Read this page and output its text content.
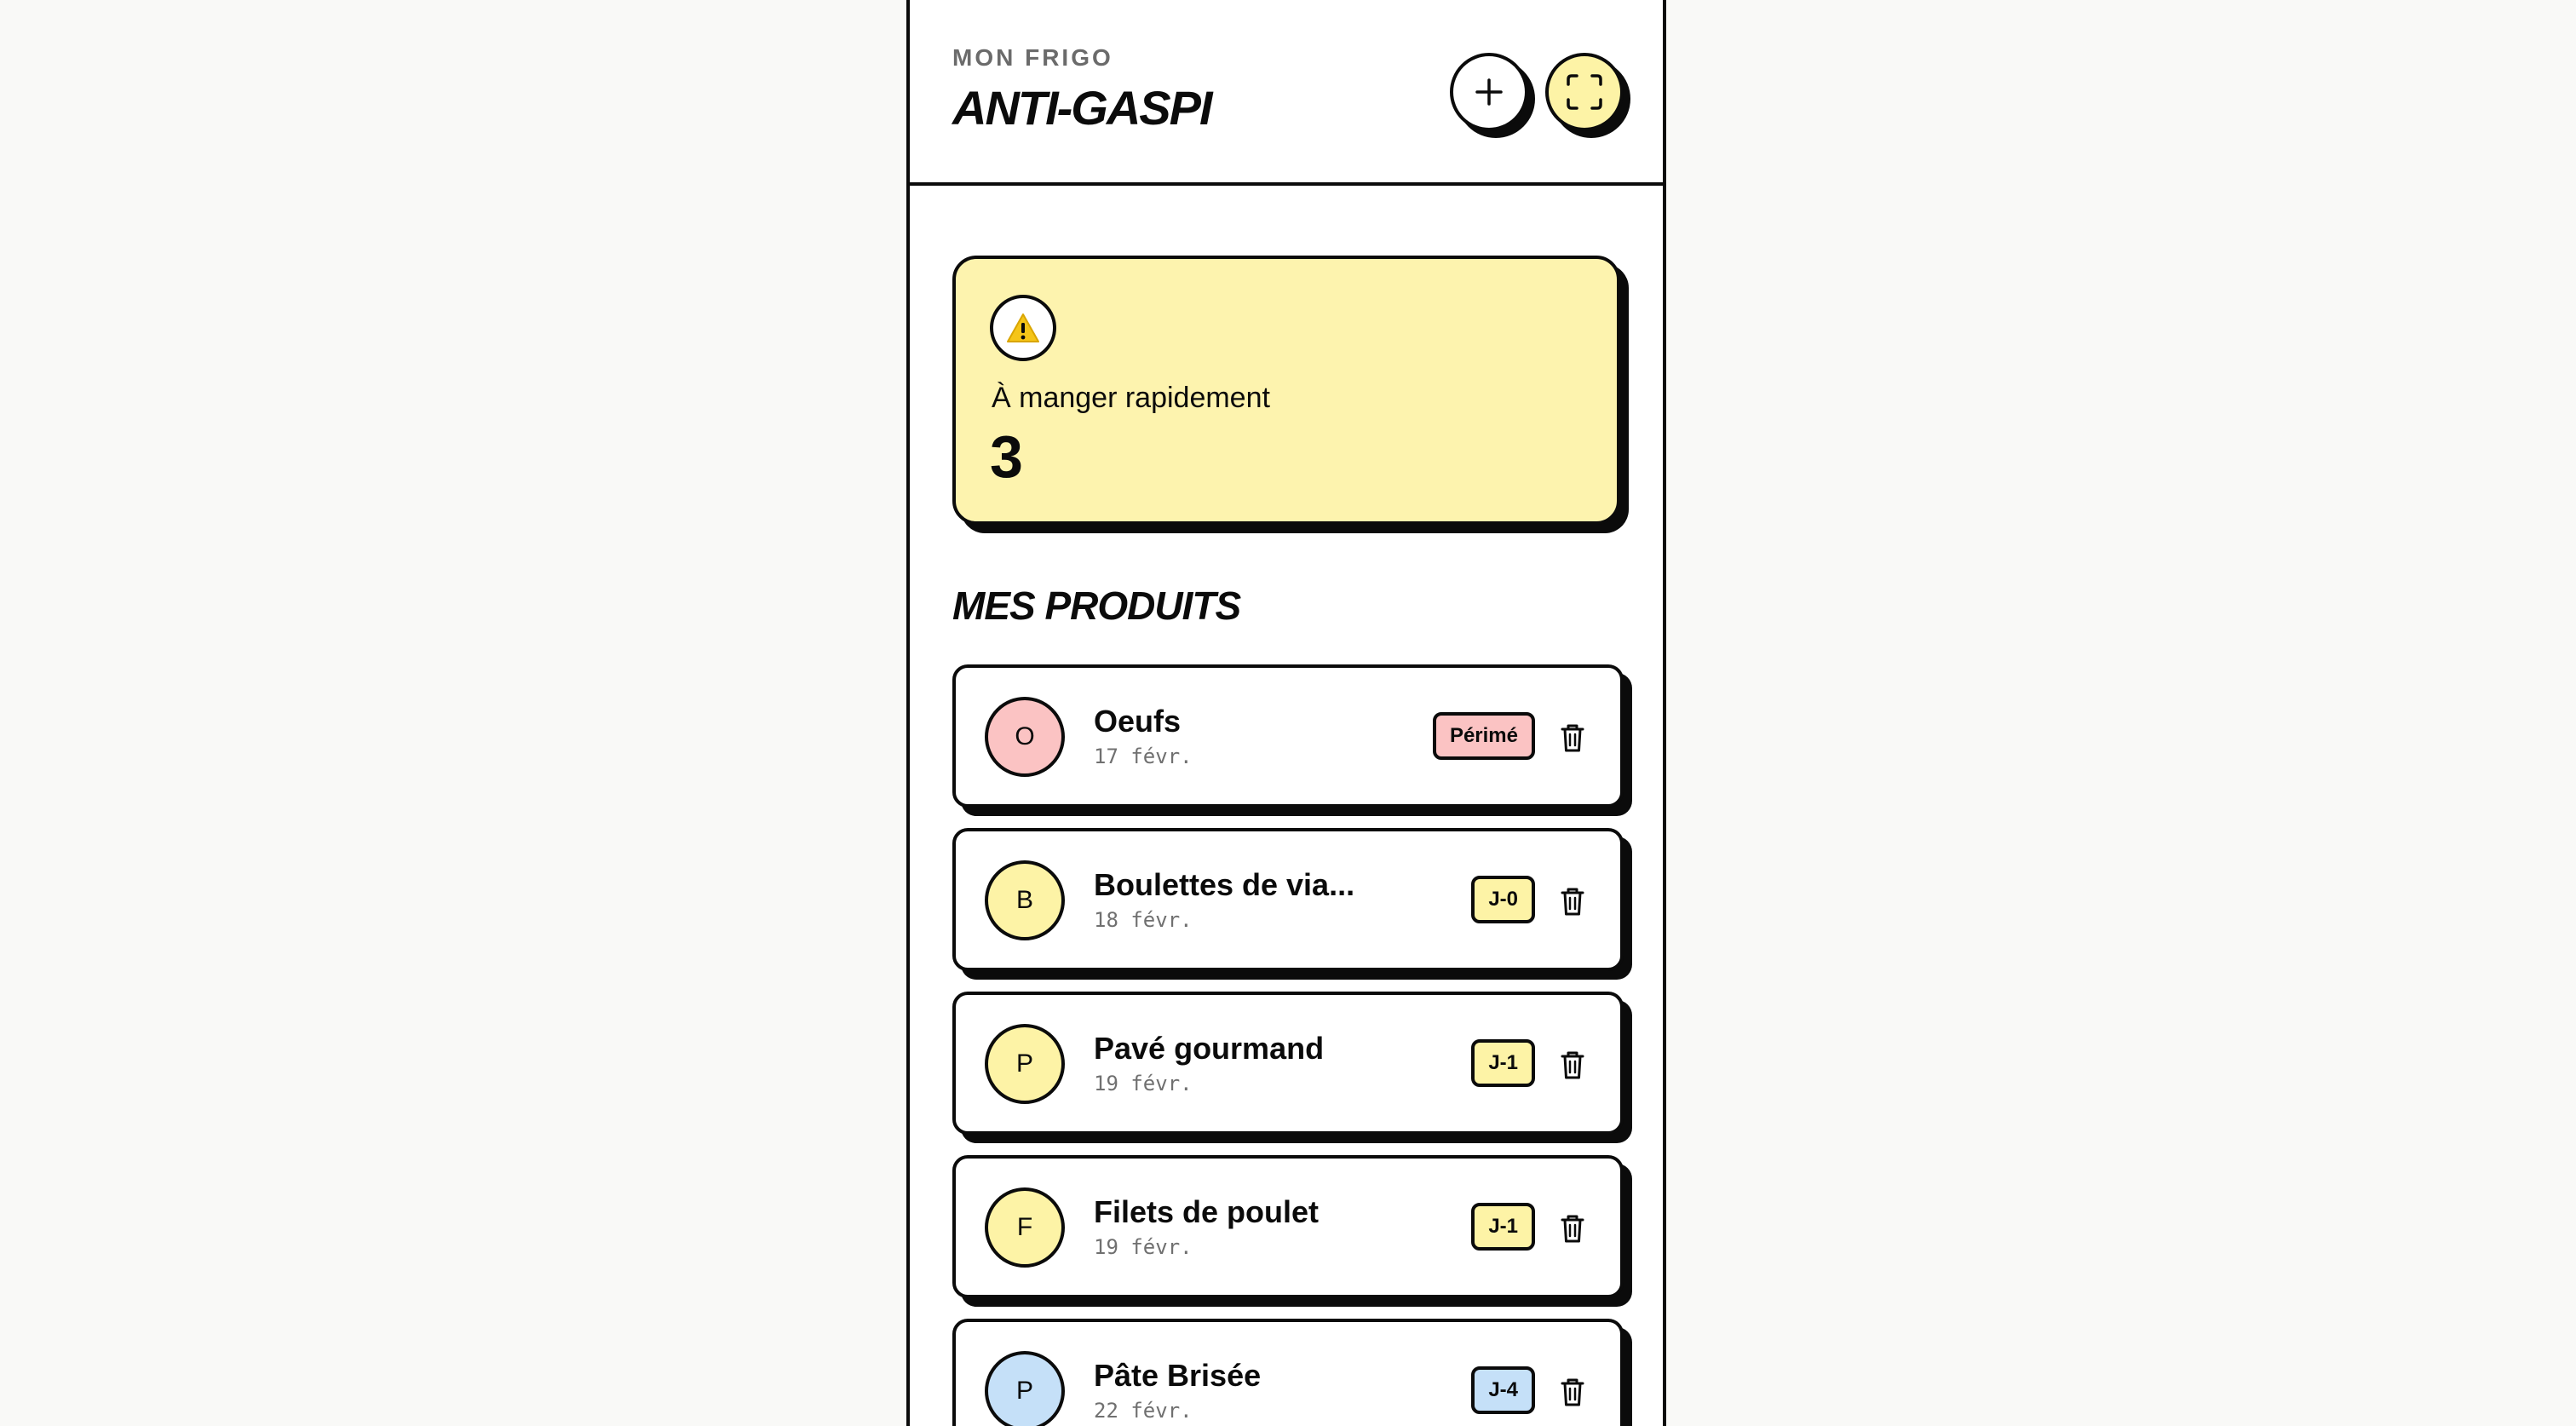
MON FRIGO
ANTI-GASPI
À manger rapidement
3
MES PRODUITS
O	Oeufs
17 févr.
Périmé
B	Boulettes de via...
18 févr.
J-0
P	Pavé gourmand
19 févr.
J-1
F	Filets de poulet
19 févr.
J-1
P	Pâte Brisée
22 févr.
J-4
